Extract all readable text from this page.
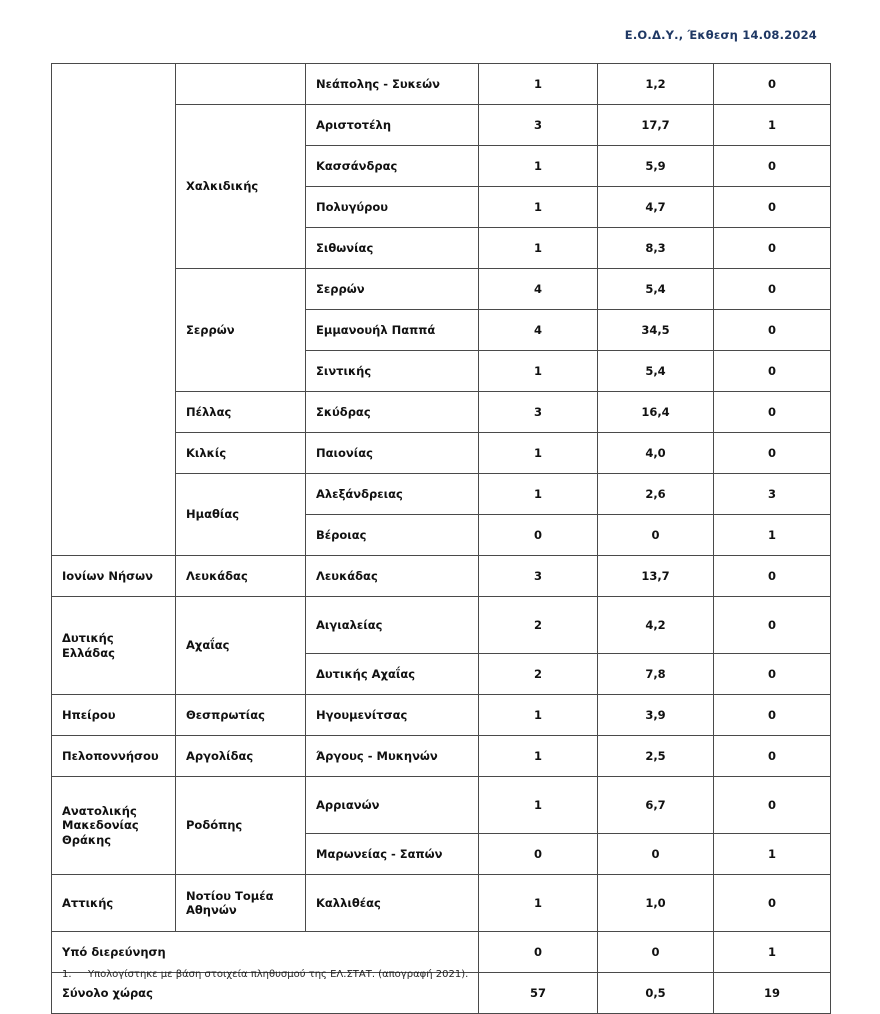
Ε.Ο.Δ.Υ., Έκθεση 14.08.2024
		Νεάπολης - Συκεών	1	1,2	0
	Χαλκιδικής	Αριστοτέλη	3	17,7	1
		Κασσάνδρας	1	5,9	0
		Πολυγύρου	1	4,7	0
		Σιθωνίας	1	8,3	0
	Σερρών	Σερρών	4	5,4	0
		Εμμανουήλ Παππά	4	34,5	0
		Σιντικής	1	5,4	0
	Πέλλας	Σκύδρας	3	16,4	0
	Κιλκίς	Παιονίας	1	4,0	0
	Ημαθίας	Αλεξάνδρειας	1	2,6	3
		Βέροιας	0	0	1
Ιονίων Νήσων	Λευκάδας	Λευκάδας	3	13,7	0
Δυτικής Ελλάδας	Αχαΐας	Αιγιαλείας	2	4,2	0
		Δυτικής Αχαΐας	2	7,8	0
Ηπείρου	Θεσπρωτίας	Ηγουμενίτσας	1	3,9	0
Πελοποννήσου	Αργολίδας	Άργους - Μυκηνών	1	2,5	0
Ανατολικής Μακεδονίας Θράκης	Ροδόπης	Αρριανών	1	6,7	0
		Μαρωνείας - Σαπών	0	0	1
Αττικής	Νοτίου Τομέα Αθηνών	Καλλιθέας	1	1,0	0
Υπό διερεύνηση			0	0	1
Σύνολο χώρας			57	0,5	19
1. Υπολογίστηκε με βάση στοιχεία πληθυσμού της ΕΛ.ΣΤΑΤ. (απογραφή 2021).
